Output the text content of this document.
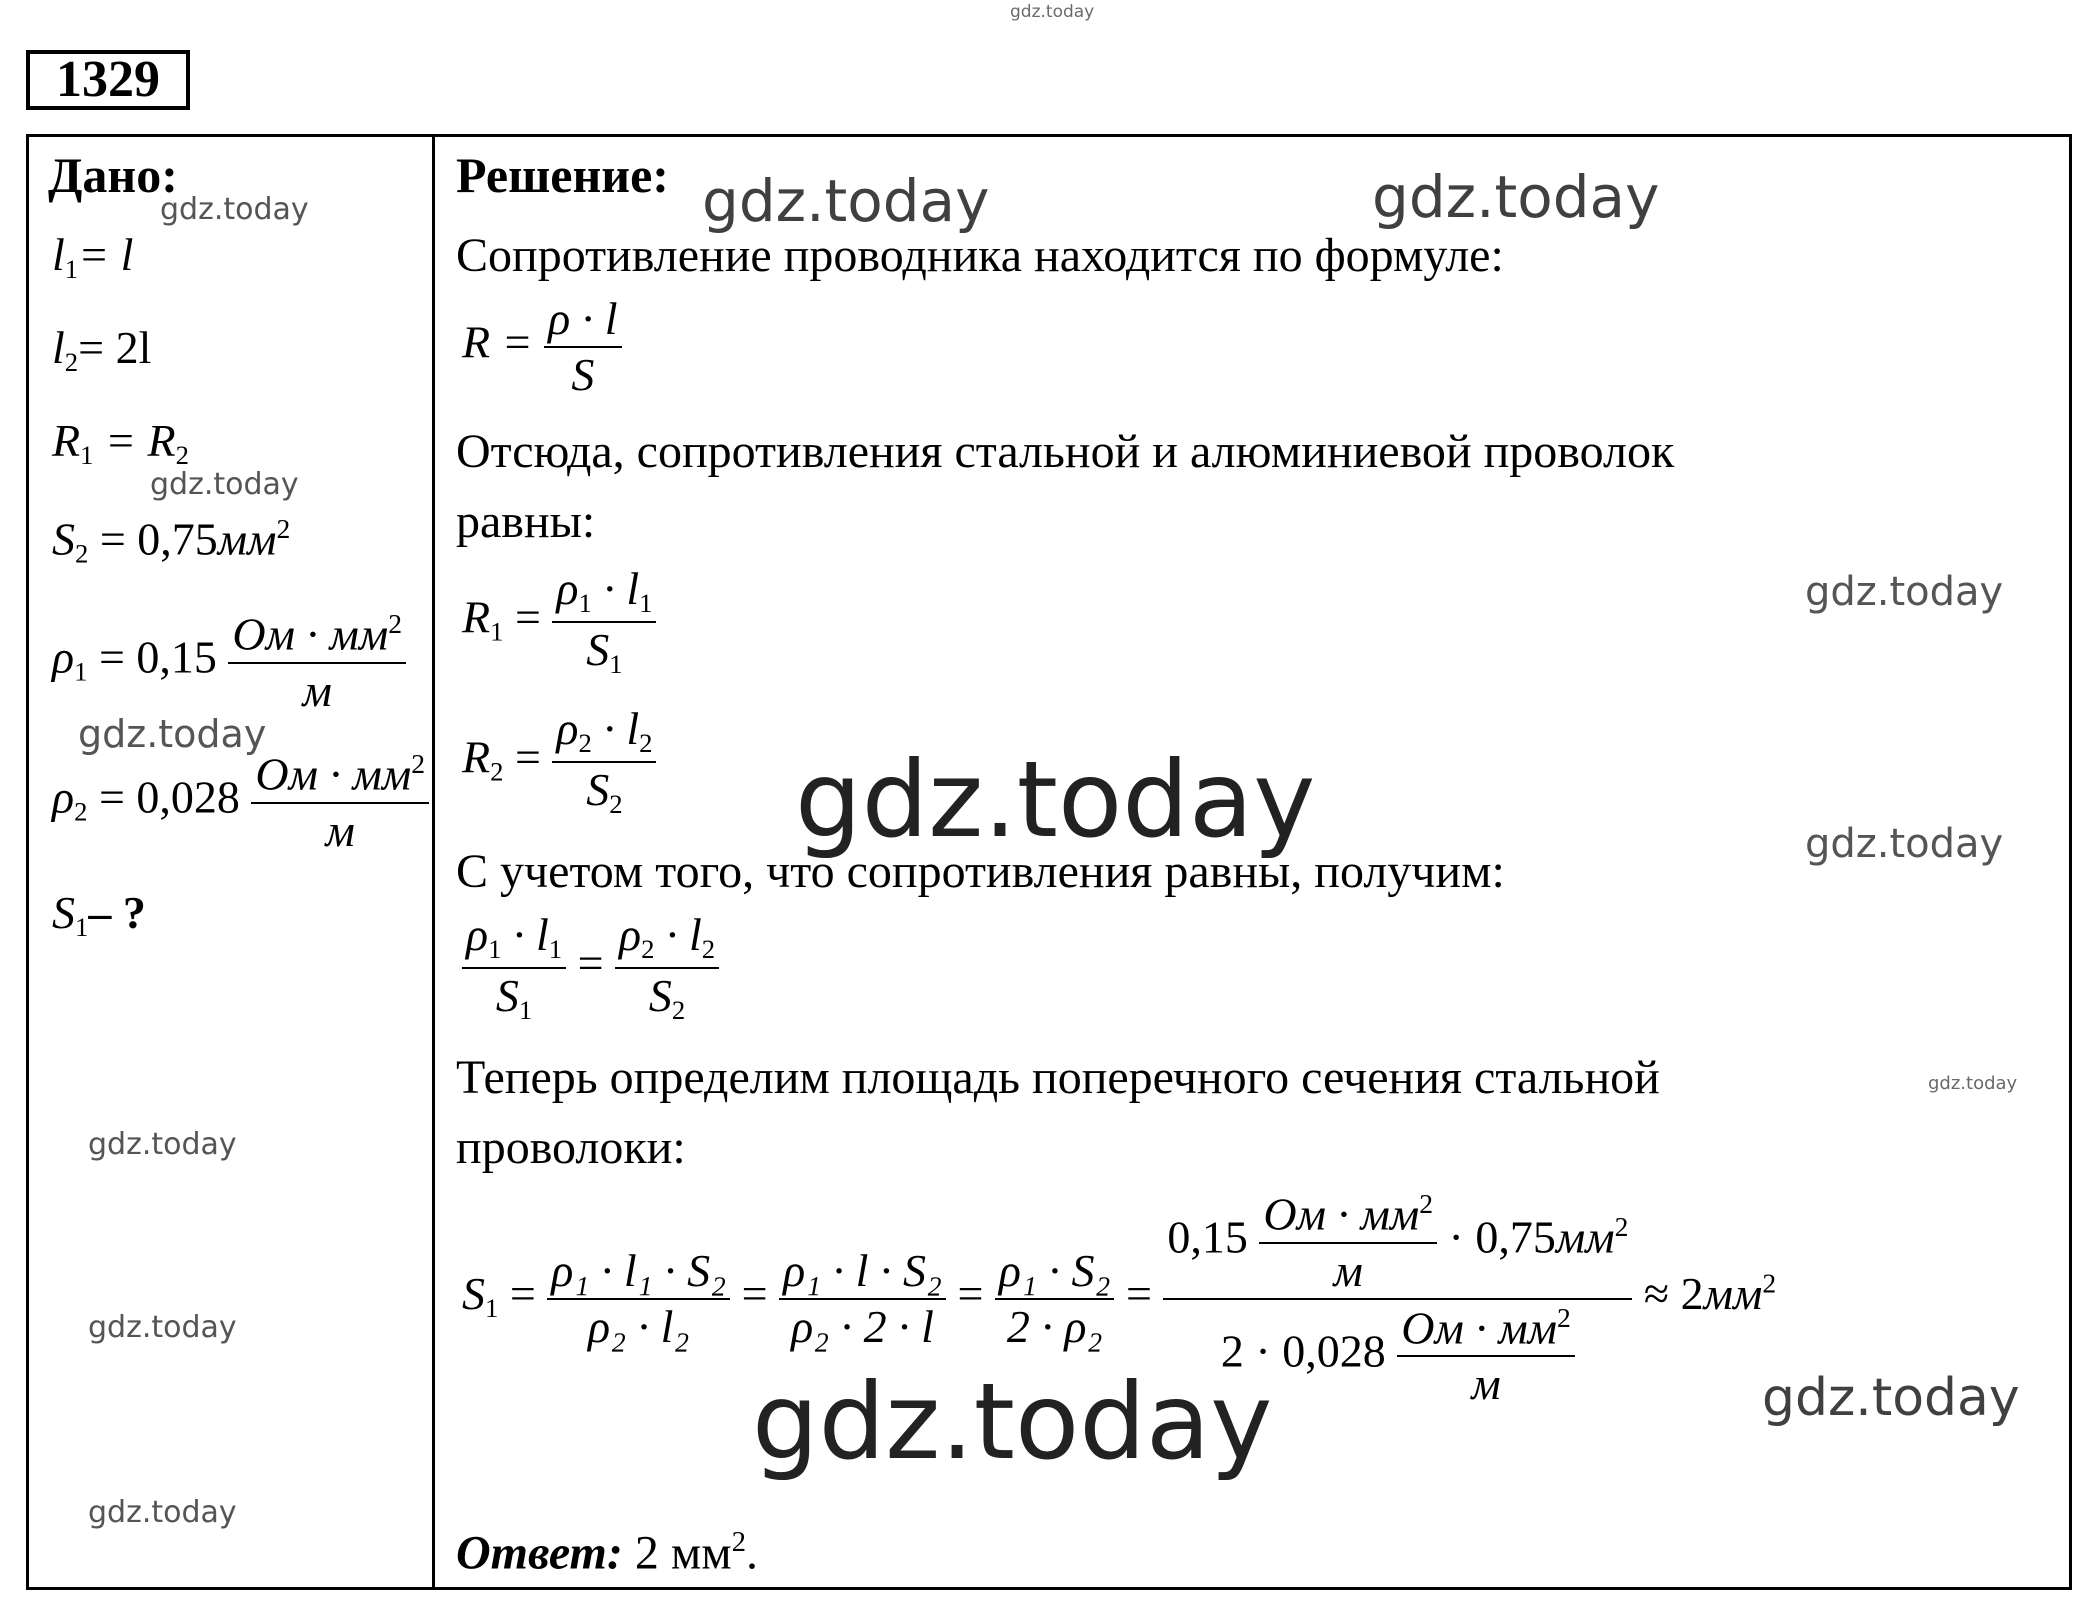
gdz.today
gdz.today
gdz.today
gdz.today
gdz.today
gdz.today
gdz.today
gdz.today	gdz.today
gdz.today
gdz.today
gdz.today
gdz.today
gdz.today
gdz.today
1329
Дано:
$l_1= l$
$l_2= 2l$
$R_1 = R_2$
$S_2 = 0,75мм^2$
$\rho_1 = 0,15 \frac{Ом \cdot мм^2}{м}$
$\rho_2 = 0,028 \frac{Ом \cdot мм^2}{м}$
$S_1-$ ?
Решение:
Сопротивление проводника находится по формуле:
$R = \frac{\rho \cdot l}{S}$
Отсюда, сопротивления стальной и алюминиевой проволок
равны:
$R_1 = \frac{\rho_1 \cdot l_1}{S_1}$
$R_2 = \frac{\rho_2 \cdot l_2}{S_2}$
С учетом того, что сопротивления равны, получим:
$\frac{\rho_1 \cdot l_1}{S_1} = \frac{\rho_2 \cdot l_2}{S_2}$
Теперь определим площадь поперечного сечения стальной
проволоки:
$S_1 = \frac{\text{ρ₁ · l₁ · S₂}}{\text{ρ₂ · l₂}} = \frac{\text{ρ₁ · l · S₂}}{\text{ρ₂ · 2 · l}} = \frac{\text{ρ₁ · S₂}}{\text{2 · ρ₂}} = \frac{0,15 \frac{Ом \cdot мм^2}{м} \cdot 0,75мм^2}{2 \cdot 0,028 \frac{Ом \cdot мм^2}{м}} \approx 2мм^2$
Ответ: 2 $мм^2$.
